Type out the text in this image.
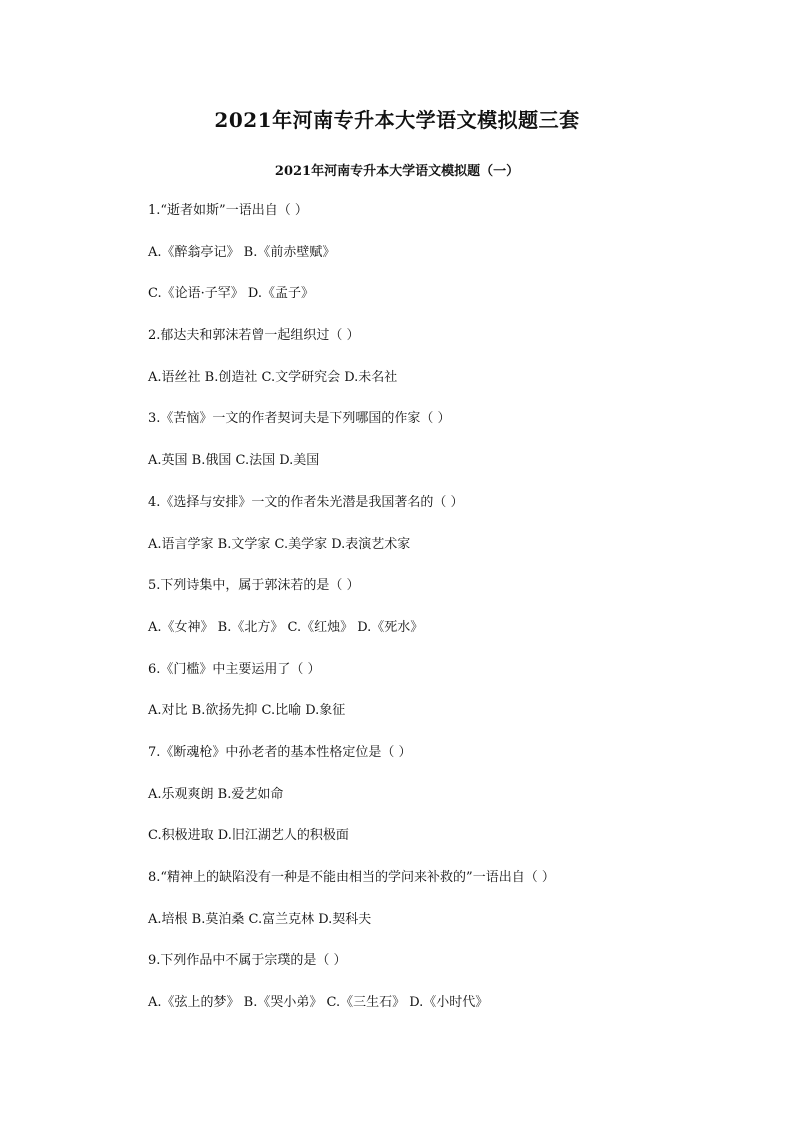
2021年河南专升本大学语文模拟题三套
2021年河南专升本大学语文模拟题（一）
1.“逝者如斯”一语出自（ ）
A.《醉翁亭记》 B.《前赤壁赋》
C.《论语·子罕》 D.《孟子》
2.郁达夫和郭沫若曾一起组织过（ ）
A.语丝社 B.创造社 C.文学研究会 D.未名社
3.《苦恼》一文的作者契诃夫是下列哪国的作家（ ）
A.英国 B.俄国 C.法国 D.美国
4.《选择与安排》一文的作者朱光潜是我国著名的（ ）
A.语言学家 B.文学家 C.美学家 D.表演艺术家
5.下列诗集中，属于郭沫若的是（ ）
A.《女神》 B.《北方》 C.《红烛》 D.《死水》
6.《门槛》中主要运用了（ ）
A.对比 B.欲扬先抑 C.比喻 D.象征
7.《断魂枪》中孙老者的基本性格定位是（ ）
A.乐观爽朗 B.爱艺如命
C.积极进取 D.旧江湖艺人的积极面
8.“精神上的缺陷没有一种是不能由相当的学问来补救的”一语出自（ ）
A.培根 B.莫泊桑 C.富兰克林 D.契科夫
9.下列作品中不属于宗璞的是（ ）
A.《弦上的梦》 B.《哭小弟》 C.《三生石》 D.《小时代》
